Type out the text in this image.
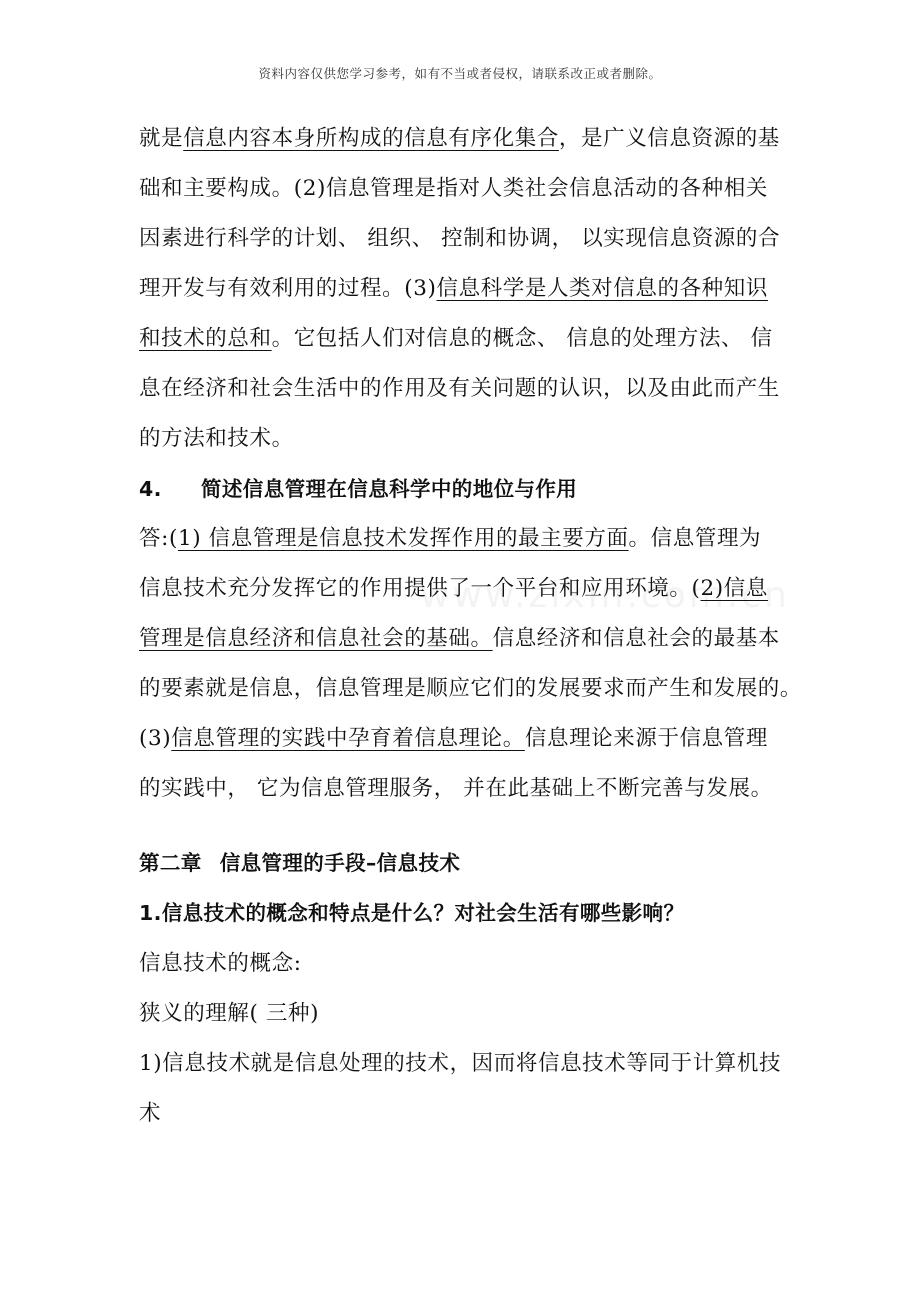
资料内容仅供您学习参考，如有不当或者侵权，请联系改正或者删除。
就是信息内容本身所构成的信息有序化集合，是广义信息资源的基
础和主要构成。(2)信息管理是指对人类社会信息活动的各种相关
因素进行科学的计划、 组织、 控制和协调， 以实现信息资源的合
理开发与有效利用的过程。(3)信息科学是人类对信息的各种知识
和技术的总和。它包括人们对信息的概念、 信息的处理方法、 信
息在经济和社会生活中的作用及有关问题的认识，以及由此而产生
的方法和技术。
4. 简述信息管理在信息科学中的地位与作用
答:(1) 信息管理是信息技术发挥作用的最主要方面。信息管理为
信息技术充分发挥它的作用提供了一个平台和应用环境。(2)信息
管理是信息经济和信息社会的基础。信息经济和信息社会的最基本
的要素就是信息，信息管理是顺应它们的发展要求而产生和发展的。
(3)信息管理的实践中孕育着信息理论。信息理论来源于信息管理
的实践中， 它为信息管理服务， 并在此基础上不断完善与发展。
第二章 信息管理的手段–信息技术
1.信息技术的概念和特点是什么？对社会生活有哪些影响？
信息技术的概念:
狭义的理解( 三种)
1)信息技术就是信息处理的技术，因而将信息技术等同于计算机技
术
